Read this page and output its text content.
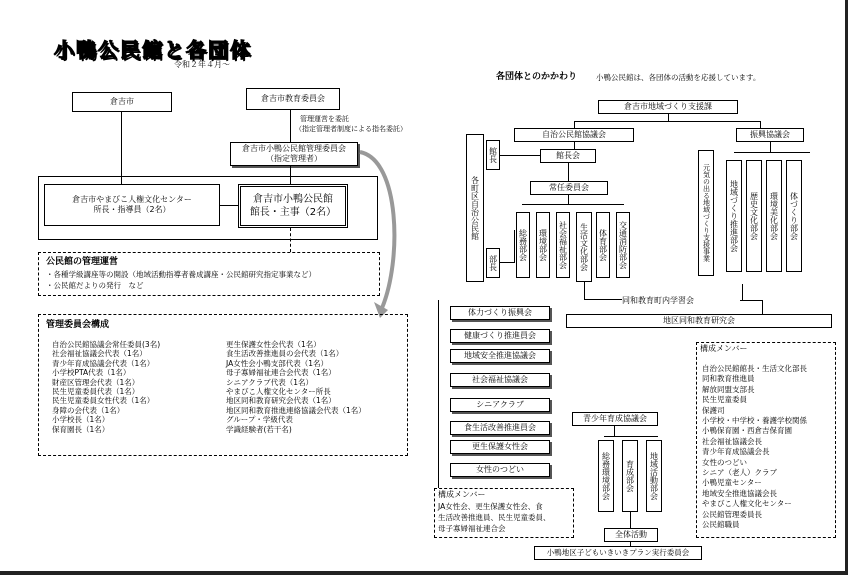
小鴨公民館と各団体
令和２年４月～
倉吉市	倉吉市教育委員会
管理運営を委託
（指定管理者制度による指名委託）
倉吉市小鴨公民館管理委員会
（指定管理者）
倉吉市やまびこ人権文化センター
所長・指導員（2名）
倉吉市小鴨公民館
館長・主事（2名）
公民館の管理運営
・各種学級講座等の開設（地域活動指導者養成講座・公民館研究指定事業など）
・公民館だよりの発行　など
管理委員会構成
自治公民館協議会常任委員(3名)
社会福祉協議会代表（1名）
青少年育成協議会代表（1名）
小学校PTA代表（1名）
財産区管理会代表（1名）
民生児童委員代表（1名）
民生児童委員女性代表（1名）
身障の会代表（1名）
小学校長（1名）
保育園長（1名）
更生保護女性会代表（1名）
食生活改善推進員の会代表（1名）
JA女性会小鴨支部代表（1名）
母子寡婦福祉連合会代表（1名）
シニアクラブ代表（1名）
やまびこ人権文化センター所長
地区同和教育研究会代表（1名）
地区同和教育推進連絡協議会代表（1名）
グループ・学級代表
学識経験者(若干名)
各団体とのかかわり	小鴨公民館は、各団体の活動を応援しています。
倉吉市地域づくり支援課
自治公民館協議会
館長会
常任委員会
各町区自治公民館
館長
部長
総務部会	環境部会	社会福祉部会	生活文化部会	体育部会	交通消防部会
振興協議会
元気の出る地域づくり支援事業	地域づくり推進部会	歴史文化部会	環境美化部会	体づくり部会
同和教育町内学習会
地区同和教育研究会
体力づくり振興会
健康づくり推進員会
地域安全推進協議会
社会福祉協議会
シニアクラブ
食生活改善推進員会
更生保護女性会
女性のつどい
青少年育成協議会
総務環境部会	育成部会	地域活動部会
全体活動
小鴨地区子どもいきいきプラン実行委員会
構成メンバー
JA女性会、更生保護女性会、食
生活改善推進員、民生児童委員、
母子寡婦福祉連合会
構成メンバー
自治公民館館長・生活文化部長
同和教育推進員
解放同盟支部長
民生児童委員
保護司
小学校・中学校・養護学校関係
小鴨保育園・西倉吉保育園
社会福祉協議会長
青少年育成協議会長
女性のつどい
シニア（老人）クラブ
小鴨児童センター
地域安全推進協議会長
やまびこ人権文化センター
公民館管理委員長
公民館職員
